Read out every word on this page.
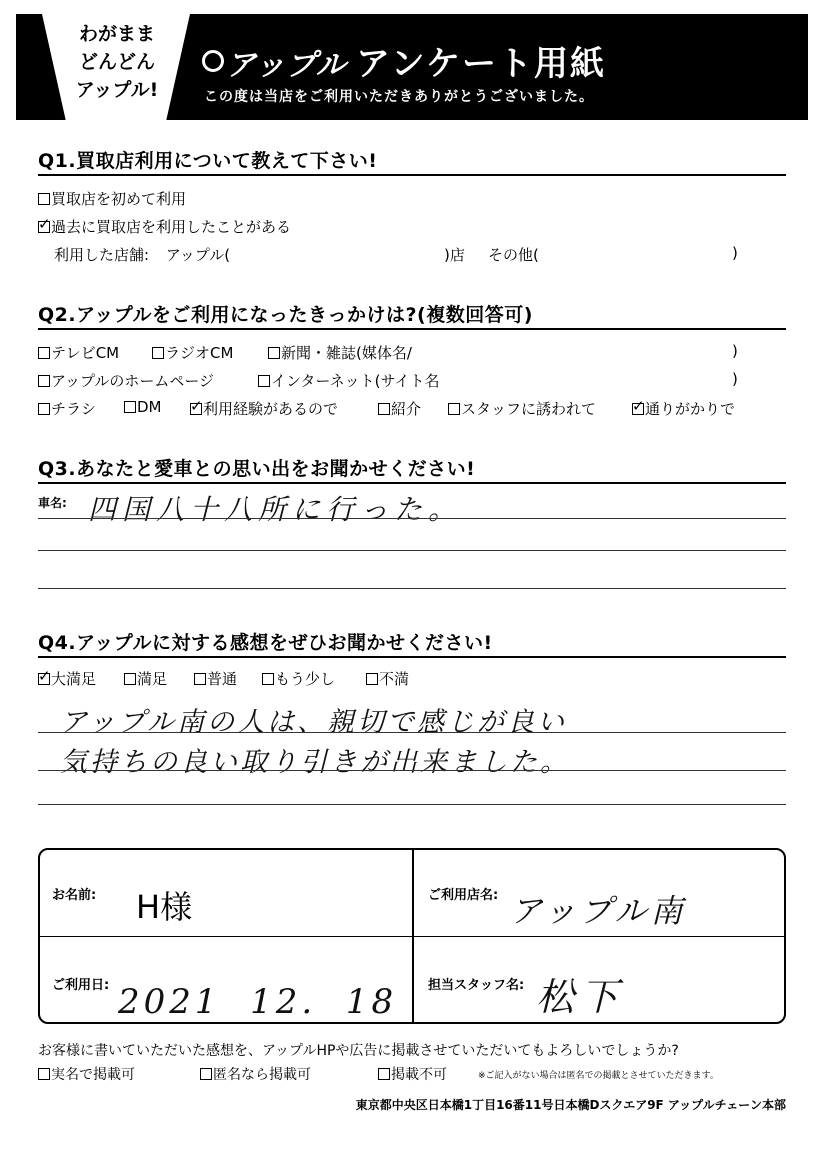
わがまま
どんどん
アップル!
アップル アンケート用紙
この度は当店をご利用いただきありがとうございました。
Q1.買取店利用について教えて下さい!
買取店を初めて利用
✓過去に買取店を利用したことがある
利用した店舗: アップル(	)店 その他(	)
Q2.アップルをご利用になったきっかけは?(複数回答可)
テレビCM	ラジオCM	新聞・雑誌(媒体名/	)
アップルのホームページ	インターネット(サイト名	)
チラシ	DM ✓	利用経験があるので	紹介	スタッフに誘われて ✓	通りがかりで
Q3.あなたと愛車との思い出をお聞かせください!
車名: 四国八十八所に行った。
Q4.アップルに対する感想をぜひお聞かせください!
✓大満足	満足	普通	もう少し	不満
アップル南の人は、親切で感じが良い
気持ちの良い取り引きが出来ました。
お名前: H様	ご利用店名: アップル南
ご利用日: 2021  12.  18 担当スタッフ名: 松下
お客様に書いていただいた感想を、アップルHPや広告に掲載させていただいてもよろしいでしょうか?
実名で掲載可	匿名なら掲載可	掲載不可	※ご記入がない場合は匿名での掲載とさせていただきます。
東京都中央区日本橋1丁目16番11号日本橋Dスクエア9F アップルチェーン本部
